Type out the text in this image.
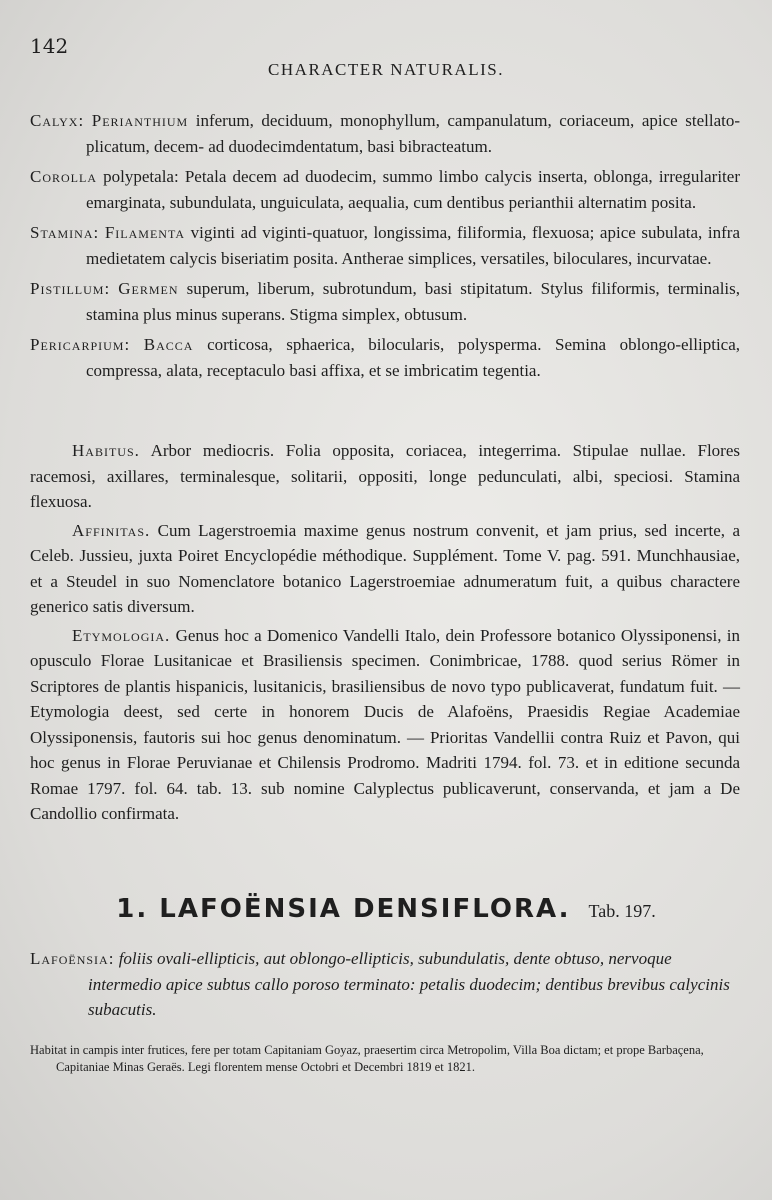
142
CHARACTER NATURALIS.

Calyx: Perianthium inferum, deciduum, monophyllum, campanulatum, coriaceum, apice stellato-plicatum, decem- ad duodecimdentatum, basi bibracteatum.

Corolla polypetala: Petala decem ad duodecim, summo limbo calycis inserta, oblonga, irregulariter emarginata, subundulata, unguiculata, aequalia, cum dentibus perianthii alternatim posita.

Stamina: Filamenta viginti ad viginti-quatuor, longissima, filiformia, flexuosa; apice subulata, infra medietatem calycis biseriatim posita. Antherae simplices, versatiles, biloculares, incurvatae.

Pistillum: Germen superum, liberum, subrotundum, basi stipitatum. Stylus filiformis, terminalis, stamina plus minus superans. Stigma simplex, obtusum.

Pericarpium: Bacca corticosa, sphaerica, bilocularis, polysperma. Semina oblongo-elliptica, compressa, alata, receptaculo basi affixa, et se imbricatim tegentia.

Habitus. Arbor mediocris. Folia opposita, coriacea, integerrima. Stipulae nullae. Flores racemosi, axillares, terminalesque, solitarii, oppositi, longe pedunculati, albi, speciosi. Stamina flexuosa.

Affinitas. Cum Lagerstroemia maxime genus nostrum convenit, et jam prius, sed incerte, a Celeb. Jussieu, juxta Poiret Encyclopédie méthodique. Supplément. Tome V. pag. 591. Munchhausiae, et a Steudel in suo Nomenclatore botanico Lagerstroemiae adnumeratum fuit, a quibus charactere generico satis diversum.

Etymologia. Genus hoc a Domenico Vandelli Italo, dein Professore botanico Olyssiponensi, in opusculo Florae Lusitanicae et Brasiliensis specimen. Conimbricae, 1788. quod serius Römer in Scriptores de plantis hispanicis, lusitanicis, brasiliensibus de novo typo publicaverat, fundatum fuit. — Etymologia deest, sed certe in honorem Ducis de Alafoëns, Praesidis Regiae Academiae Olyssiponensis, fautoris sui hoc genus denominatum. — Prioritas Vandellii contra Ruiz et Pavon, qui hoc genus in Florae Peruvianae et Chilensis Prodromo. Madriti 1794. fol. 73. et in editione secunda Romae 1797. fol. 64. tab. 13. sub nomine Calyplectus publicaverunt, conservanda, et jam a De Candollio confirmata.

1. LAFOËNSIA DENSIFLORA. Tab. 197.
Lafoënsia: foliis ovali-ellipticis, aut oblongo-ellipticis, subundulatis, dente obtuso, nervoque intermedio apice subtus callo poroso terminato: petalis duodecim; dentibus brevibus calycinis subacutis.
Habitat in campis inter frutices, fere per totam Capitaniam Goyaz, praesertim circa Metropolim, Villa Boa dictam; et prope Barbaçena, Capitaniae Minas Geraës. Legi florentem mense Octobri et Decembri 1819 et 1821.
